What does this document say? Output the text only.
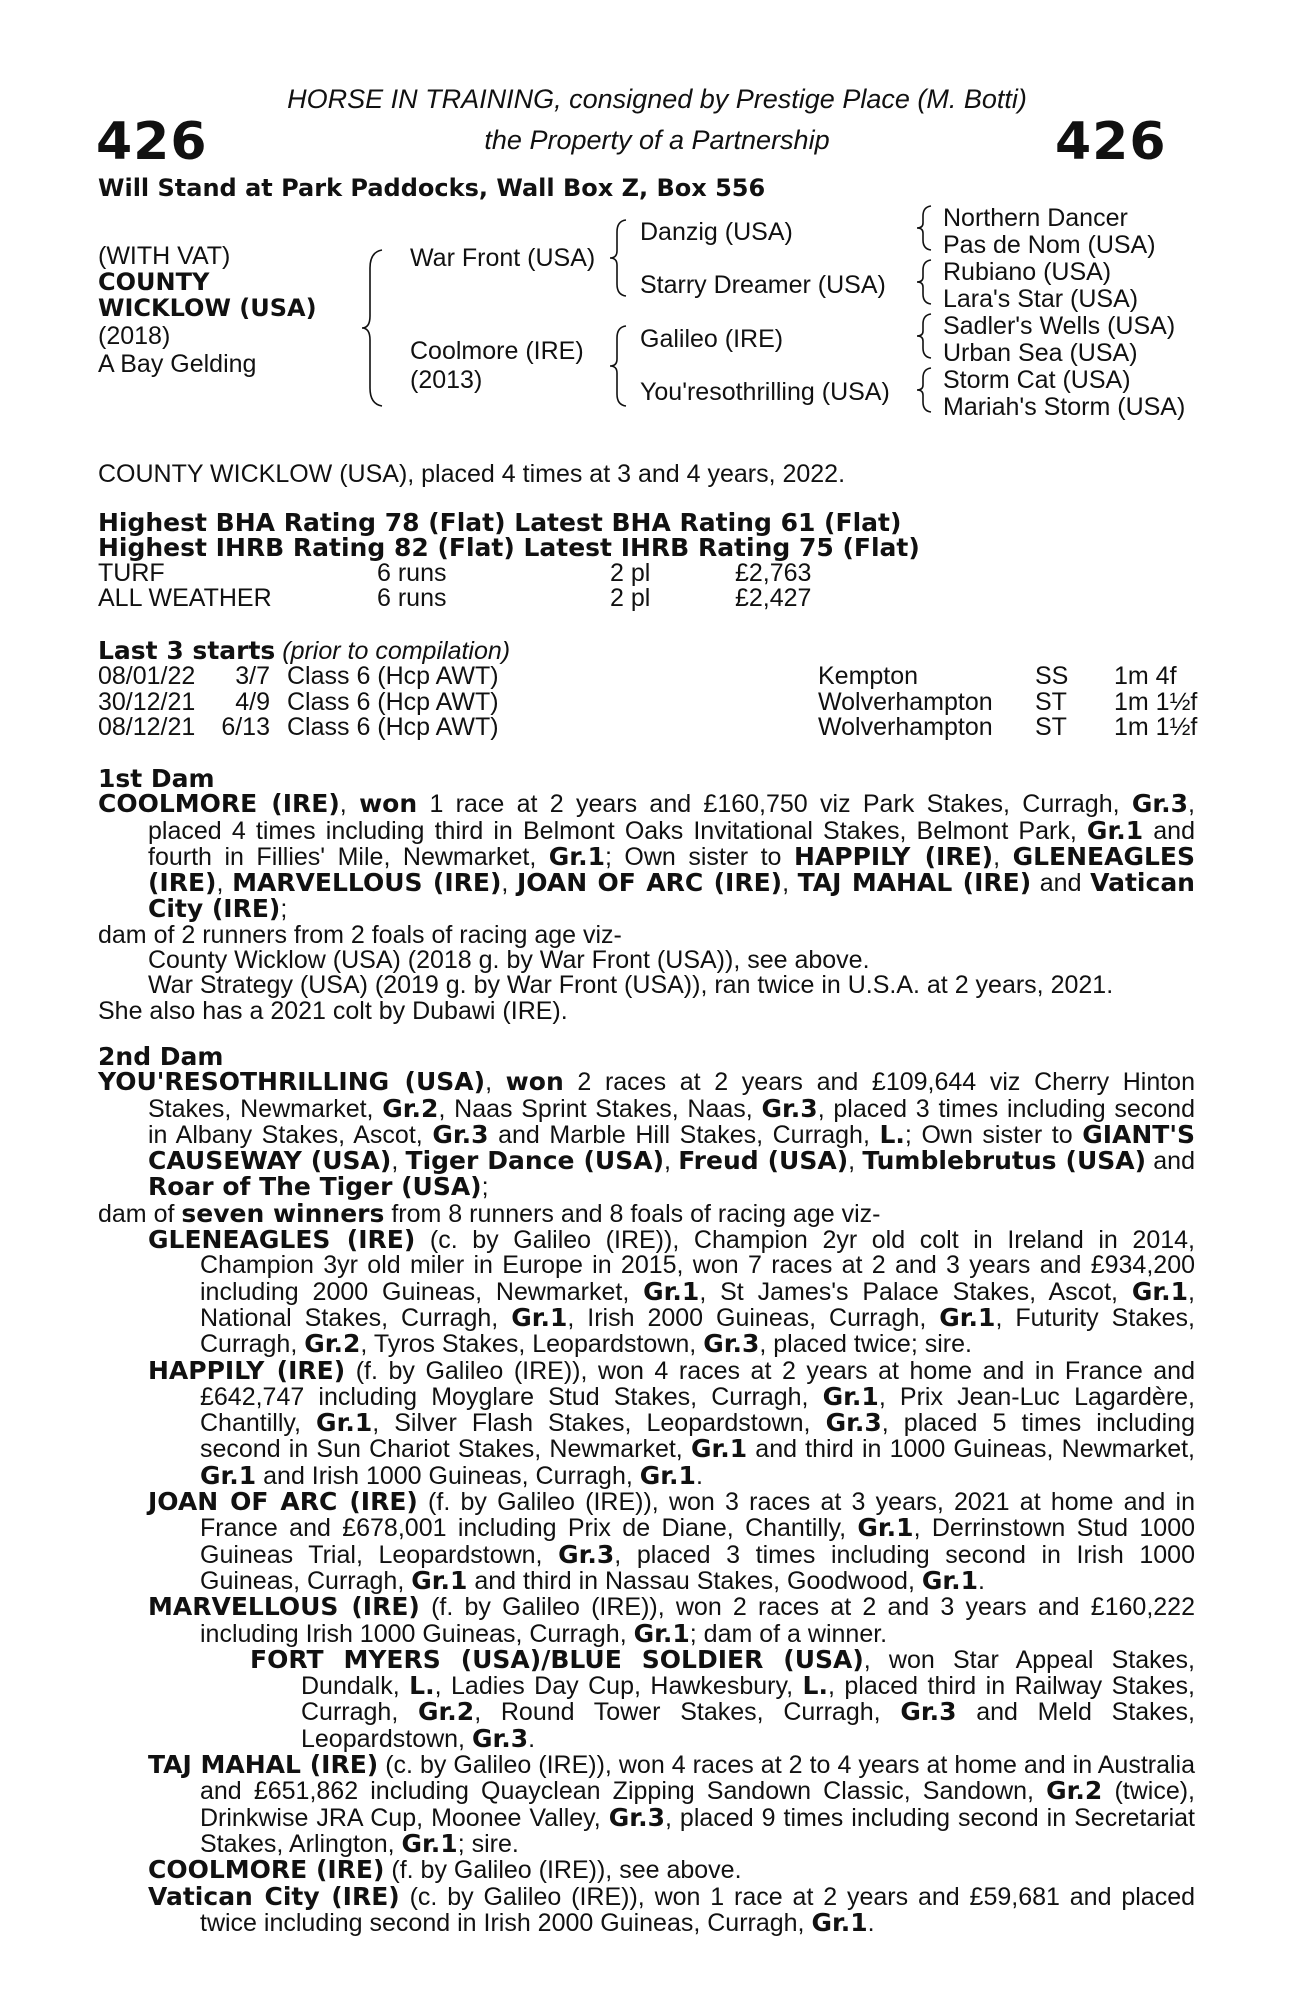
426	426
HORSE IN TRAINING, consigned by Prestige Place (M. Botti)
the Property of a Partnership
Will Stand at Park Paddocks, Wall Box Z, Box 556
(WITH VAT)
COUNTY
WICKLOW (USA)
(2018)
A Bay Gelding
War Front (USA)
Coolmore (IRE)
(2013)
Danzig (USA)
Starry Dreamer (USA)
Galileo (IRE)
You'resothrilling (USA)
Northern Dancer
Pas de Nom (USA)
Rubiano (USA)
Lara's Star (USA)
Sadler's Wells (USA)
Urban Sea (USA)
Storm Cat (USA)
Mariah's Storm (USA)
COUNTY WICKLOW (USA), placed 4 times at 3 and 4 years, 2022.

Highest BHA Rating 78 (Flat) Latest BHA Rating 61 (Flat)

Highest IHRB Rating 82 (Flat) Latest IHRB Rating 75 (Flat)

TURF	6 runs	2 pl	£2,763
ALL WEATHER	6 runs	2 pl	£2,427

Last 3 starts (prior to compilation)

08/01/22	3/7 Class 6 (Hcp AWT)	Kempton	SS 1m 4f
30/12/21	4/9 Class 6 (Hcp AWT)	Wolverhampton ST 1m 1½f
08/12/21	6/13 Class 6 (Hcp AWT)	Wolverhampton ST 1m 1½f

1st Dam

COOLMORE (IRE), won 1 race at 2 years and £160,750 viz Park Stakes, Curragh, Gr.3, placed 4 times including third in Belmont Oaks Invitational Stakes, Belmont Park, Gr.1 and fourth in Fillies' Mile, Newmarket, Gr.1; Own sister to HAPPILY (IRE), GLENEAGLES (IRE), MARVELLOUS (IRE), JOAN OF ARC (IRE), TAJ MAHAL (IRE) and Vatican City (IRE);

dam of 2 runners from 2 foals of racing age viz-

County Wicklow (USA) (2018 g. by War Front (USA)), see above.

War Strategy (USA) (2019 g. by War Front (USA)), ran twice in U.S.A. at 2 years, 2021.

She also has a 2021 colt by Dubawi (IRE).

2nd Dam

YOU'RESOTHRILLING (USA), won 2 races at 2 years and £109,644 viz Cherry Hinton Stakes, Newmarket, Gr.2, Naas Sprint Stakes, Naas, Gr.3, placed 3 times including second in Albany Stakes, Ascot, Gr.3 and Marble Hill Stakes, Curragh, L.; Own sister to GIANT'S CAUSEWAY (USA), Tiger Dance (USA), Freud (USA), Tumblebrutus (USA) and Roar of The Tiger (USA);

dam of seven winners from 8 runners and 8 foals of racing age viz-

GLENEAGLES (IRE) (c. by Galileo (IRE)), Champion 2yr old colt in Ireland in 2014, Champion 3yr old miler in Europe in 2015, won 7 races at 2 and 3 years and £934,200 including 2000 Guineas, Newmarket, Gr.1, St James's Palace Stakes, Ascot, Gr.1, National Stakes, Curragh, Gr.1, Irish 2000 Guineas, Curragh, Gr.1, Futurity Stakes, Curragh, Gr.2, Tyros Stakes, Leopardstown, Gr.3, placed twice; sire.

HAPPILY (IRE) (f. by Galileo (IRE)), won 4 races at 2 years at home and in France and £642,747 including Moyglare Stud Stakes, Curragh, Gr.1, Prix Jean-Luc Lagardère, Chantilly, Gr.1, Silver Flash Stakes, Leopardstown, Gr.3, placed 5 times including second in Sun Chariot Stakes, Newmarket, Gr.1 and third in 1000 Guineas, Newmarket, Gr.1 and Irish 1000 Guineas, Curragh, Gr.1.

JOAN OF ARC (IRE) (f. by Galileo (IRE)), won 3 races at 3 years, 2021 at home and in France and £678,001 including Prix de Diane, Chantilly, Gr.1, Derrinstown Stud 1000 Guineas Trial, Leopardstown, Gr.3, placed 3 times including second in Irish 1000 Guineas, Curragh, Gr.1 and third in Nassau Stakes, Goodwood, Gr.1.

MARVELLOUS (IRE) (f. by Galileo (IRE)), won 2 races at 2 and 3 years and £160,222 including Irish 1000 Guineas, Curragh, Gr.1; dam of a winner.

FORT MYERS (USA)/BLUE SOLDIER (USA), won Star Appeal Stakes, Dundalk, L., Ladies Day Cup, Hawkesbury, L., placed third in Railway Stakes, Curragh, Gr.2, Round Tower Stakes, Curragh, Gr.3 and Meld Stakes, Leopardstown, Gr.3.

TAJ MAHAL (IRE) (c. by Galileo (IRE)), won 4 races at 2 to 4 years at home and in Australia and £651,862 including Quayclean Zipping Sandown Classic, Sandown, Gr.2 (twice), Drinkwise JRA Cup, Moonee Valley, Gr.3, placed 9 times including second in Secretariat Stakes, Arlington, Gr.1; sire.

COOLMORE (IRE) (f. by Galileo (IRE)), see above.

Vatican City (IRE) (c. by Galileo (IRE)), won 1 race at 2 years and £59,681 and placed twice including second in Irish 2000 Guineas, Curragh, Gr.1.
